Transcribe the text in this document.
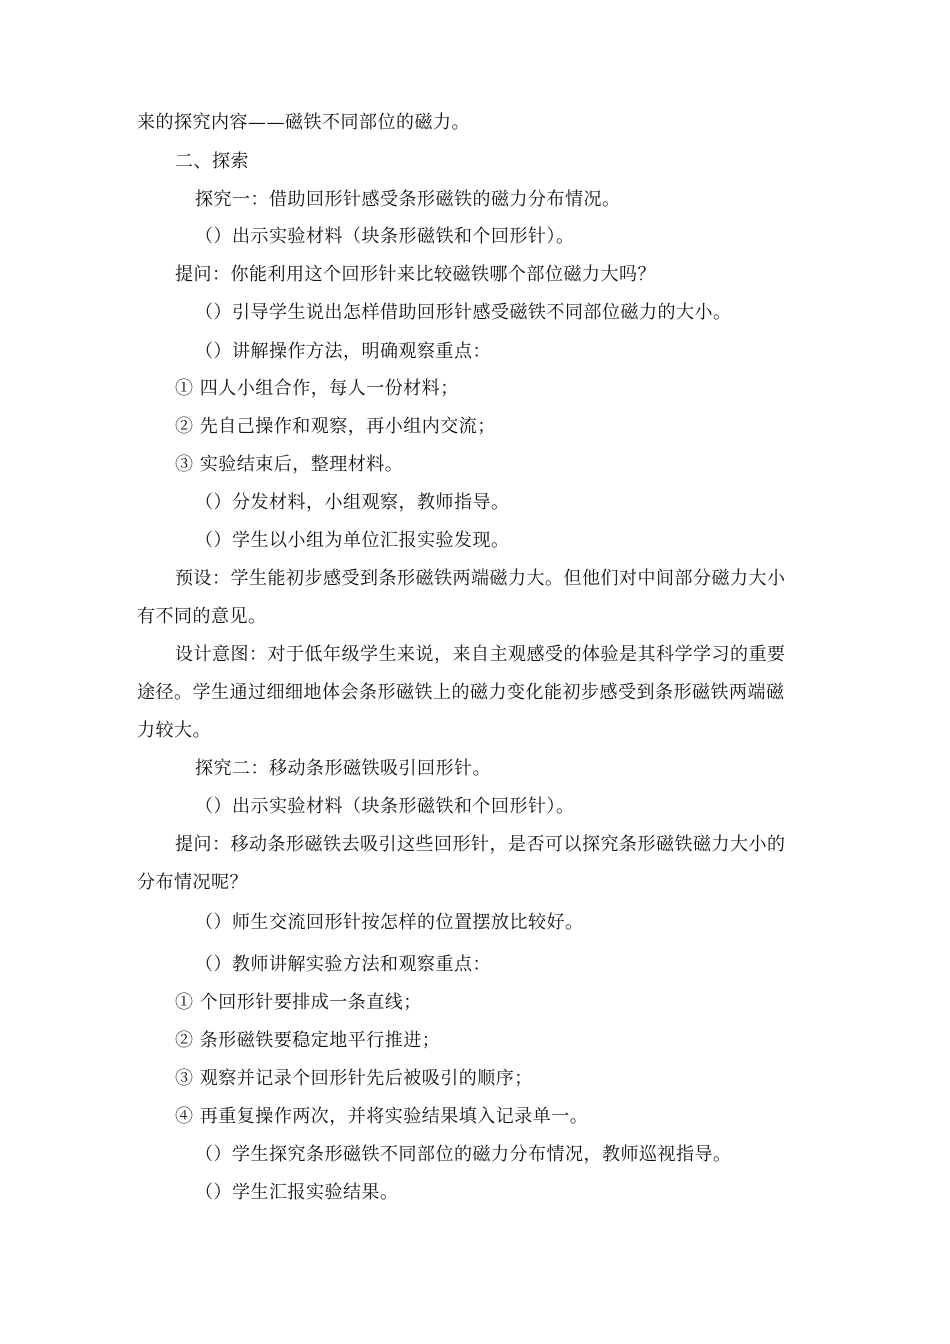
来的探究内容——磁铁不同部位的磁力。
二、探索
探究一：借助回形针感受条形磁铁的磁力分布情况。
（）出示实验材料（块条形磁铁和个回形针）。
提问：你能利用这个回形针来比较磁铁哪个部位磁力大吗？
（）引导学生说出怎样借助回形针感受磁铁不同部位磁力的大小。
（）讲解操作方法，明确观察重点：
① 四人小组合作，每人一份材料；
② 先自己操作和观察，再小组内交流；
③ 实验结束后，整理材料。
（）分发材料，小组观察，教师指导。
（）学生以小组为单位汇报实验发现。
预设：学生能初步感受到条形磁铁两端磁力大。但他们对中间部分磁力大小
有不同的意见。
设计意图：对于低年级学生来说，来自主观感受的体验是其科学学习的重要
途径。学生通过细细地体会条形磁铁上的磁力变化能初步感受到条形磁铁两端磁
力较大。
探究二：移动条形磁铁吸引回形针。
（）出示实验材料（块条形磁铁和个回形针）。
提问：移动条形磁铁去吸引这些回形针，是否可以探究条形磁铁磁力大小的
分布情况呢？
（）师生交流回形针按怎样的位置摆放比较好。
（）教师讲解实验方法和观察重点：
① 个回形针要排成一条直线；
② 条形磁铁要稳定地平行推进；
③ 观察并记录个回形针先后被吸引的顺序；
④ 再重复操作两次，并将实验结果填入记录单一。
（）学生探究条形磁铁不同部位的磁力分布情况，教师巡视指导。
（）学生汇报实验结果。
